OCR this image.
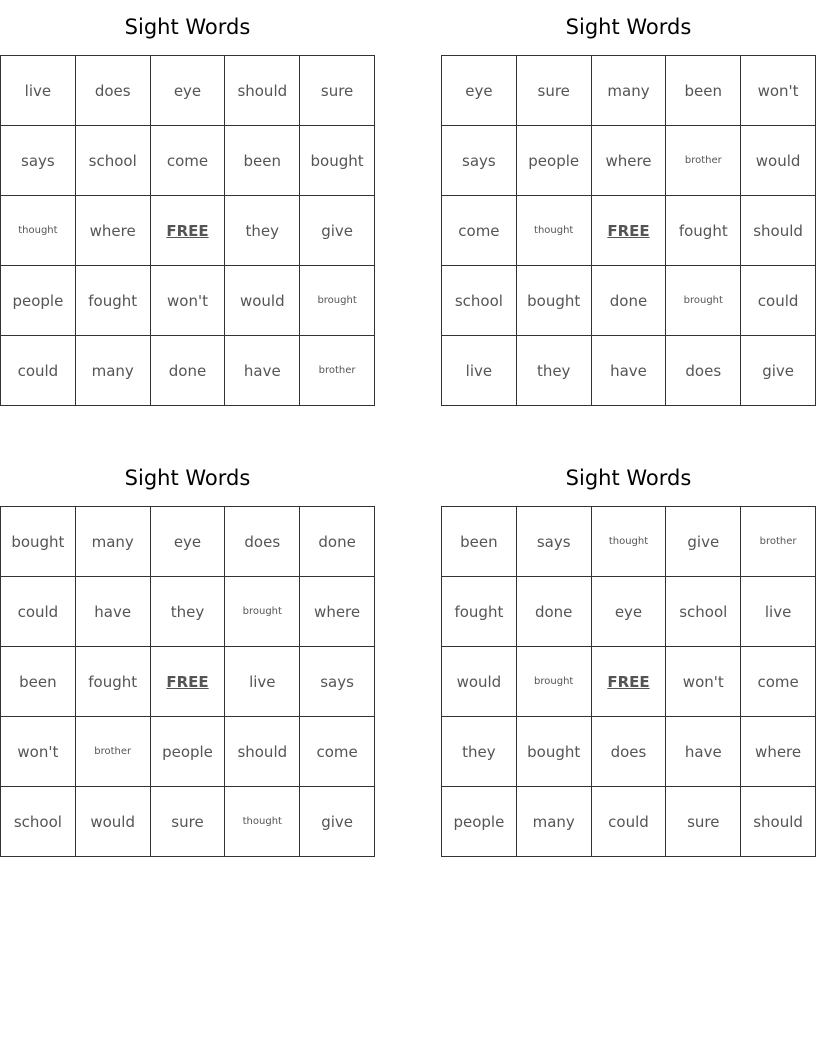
Sight Words
live	does	eye	should	sure
says	school	come	been	bought
thought	where	FREE	they	give
people	fought	won't	would	brought
could	many	done	have	brother
Sight Words
eye	sure	many	been	won't
says	people	where	brother	would
come	thought	FREE	fought	should
school	bought	done	brought	could
live	they	have	does	give
Sight Words
bought	many	eye	does	done
could	have	they	brought	where
been	fought	FREE	live	says
won't	brother	people	should	come
school	would	sure	thought	give
Sight Words
been	says	thought	give	brother
fought	done	eye	school	live
would	brought	FREE	won't	come
they	bought	does	have	where
people	many	could	sure	should
